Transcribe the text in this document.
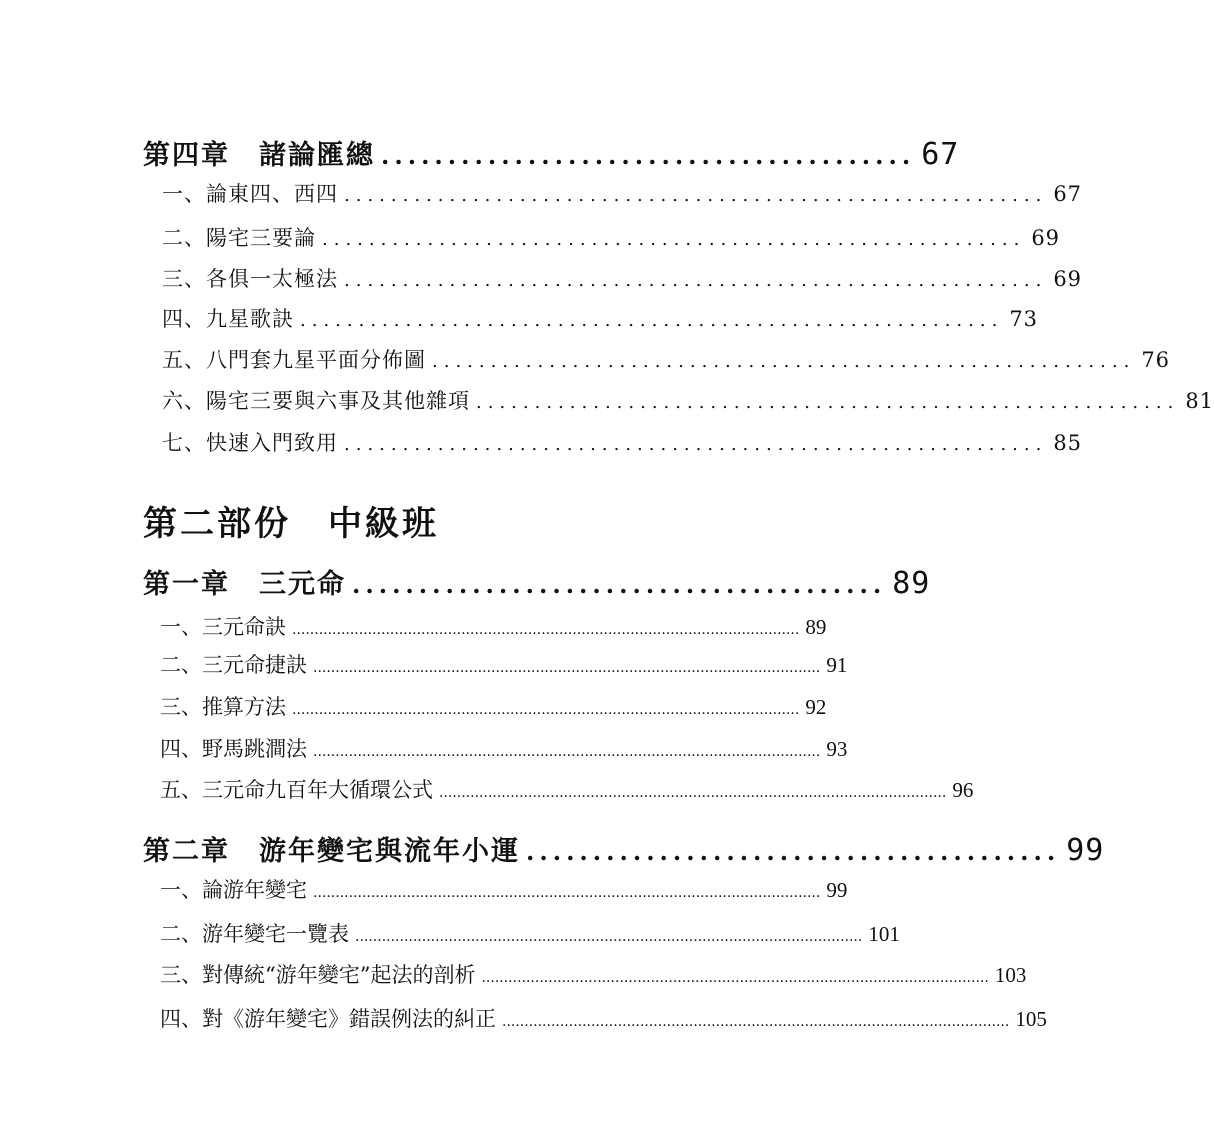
第四章　諸論匯總 ........................................ 67
一、論東四、西四 ............................................................ 67
二、陽宅三要論 ............................................................ 69
三、各俱一太極法 ............................................................ 69
四、九星歌訣 ............................................................ 73
五、八門套九星平面分佈圖 ............................................................ 76
六、陽宅三要與六事及其他雜項 ............................................................ 81
七、快速入門致用 ............................................................ 85
第二部份　中級班
第一章　三元命 ........................................ 89
一、三元命訣 .................................................................................................................. 89
二、三元命捷訣 .................................................................................................................. 91
三、推算方法 .................................................................................................................. 92
四、野馬跳澗法 .................................................................................................................. 93
五、三元命九百年大循環公式 .................................................................................................................. 96
第二章　游年變宅與流年小運 ........................................ 99
一、論游年變宅 .................................................................................................................. 99
二、游年變宅一覽表 .................................................................................................................. 101
三、對傳統“游年變宅”起法的剖析 .................................................................................................................. 103
四、對《游年變宅》錯誤例法的糾正 .................................................................................................................. 105
